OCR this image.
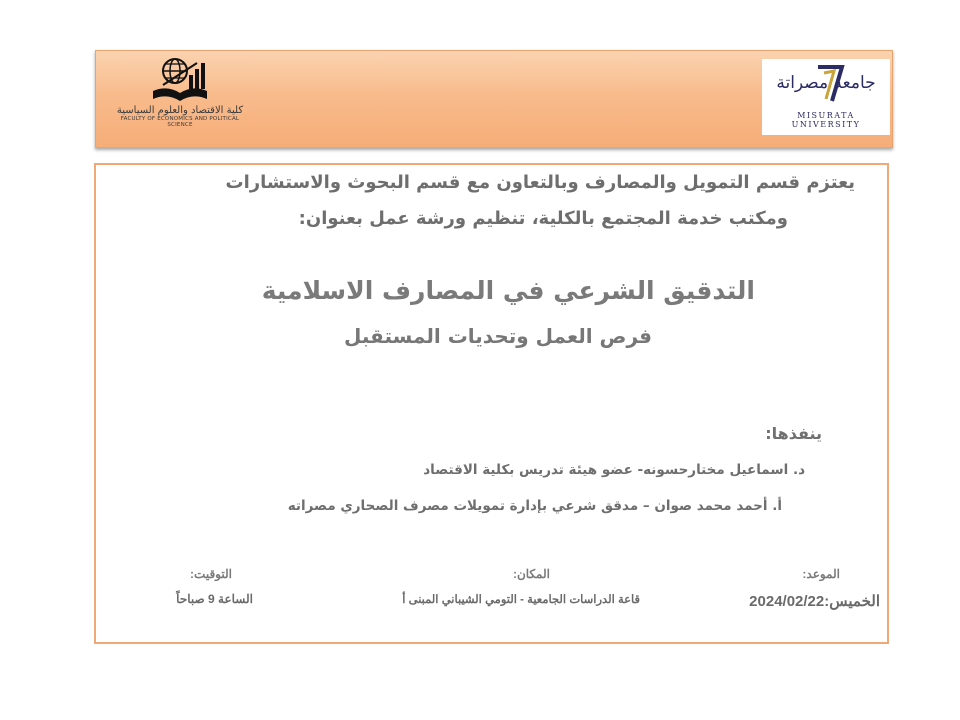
كلية الاقتصاد والعلوم السياسية
FACULTY OF ECONOMICS AND POLITICAL SCIENCE
جامعة مصراتة
MISURATA UNIVERSITY
يعتزم قسم التمويل والمصارف وبالتعاون مع قسم البحوث والاستشارات
ومكتب خدمة المجتمع بالكلية، تنظيم ورشة عمل بعنوان:
التدقيق الشرعي في المصارف الاسلامية
فرص العمل وتحديات المستقبل
ينفذها:
د. اسماعيل مختارحسونه- عضو هيئة تدريس بكلية الاقتصاد
أ. أحمد محمد صوان – مدقق شرعي بإدارة تمويلات مصرف الصحاري مصراته
الموعد:
الخميس:2024/02/22
المكان:
قاعة الدراسات الجامعية - التومي الشيباني المبنى أ
التوقيت:
الساعة 9 صباحاً
